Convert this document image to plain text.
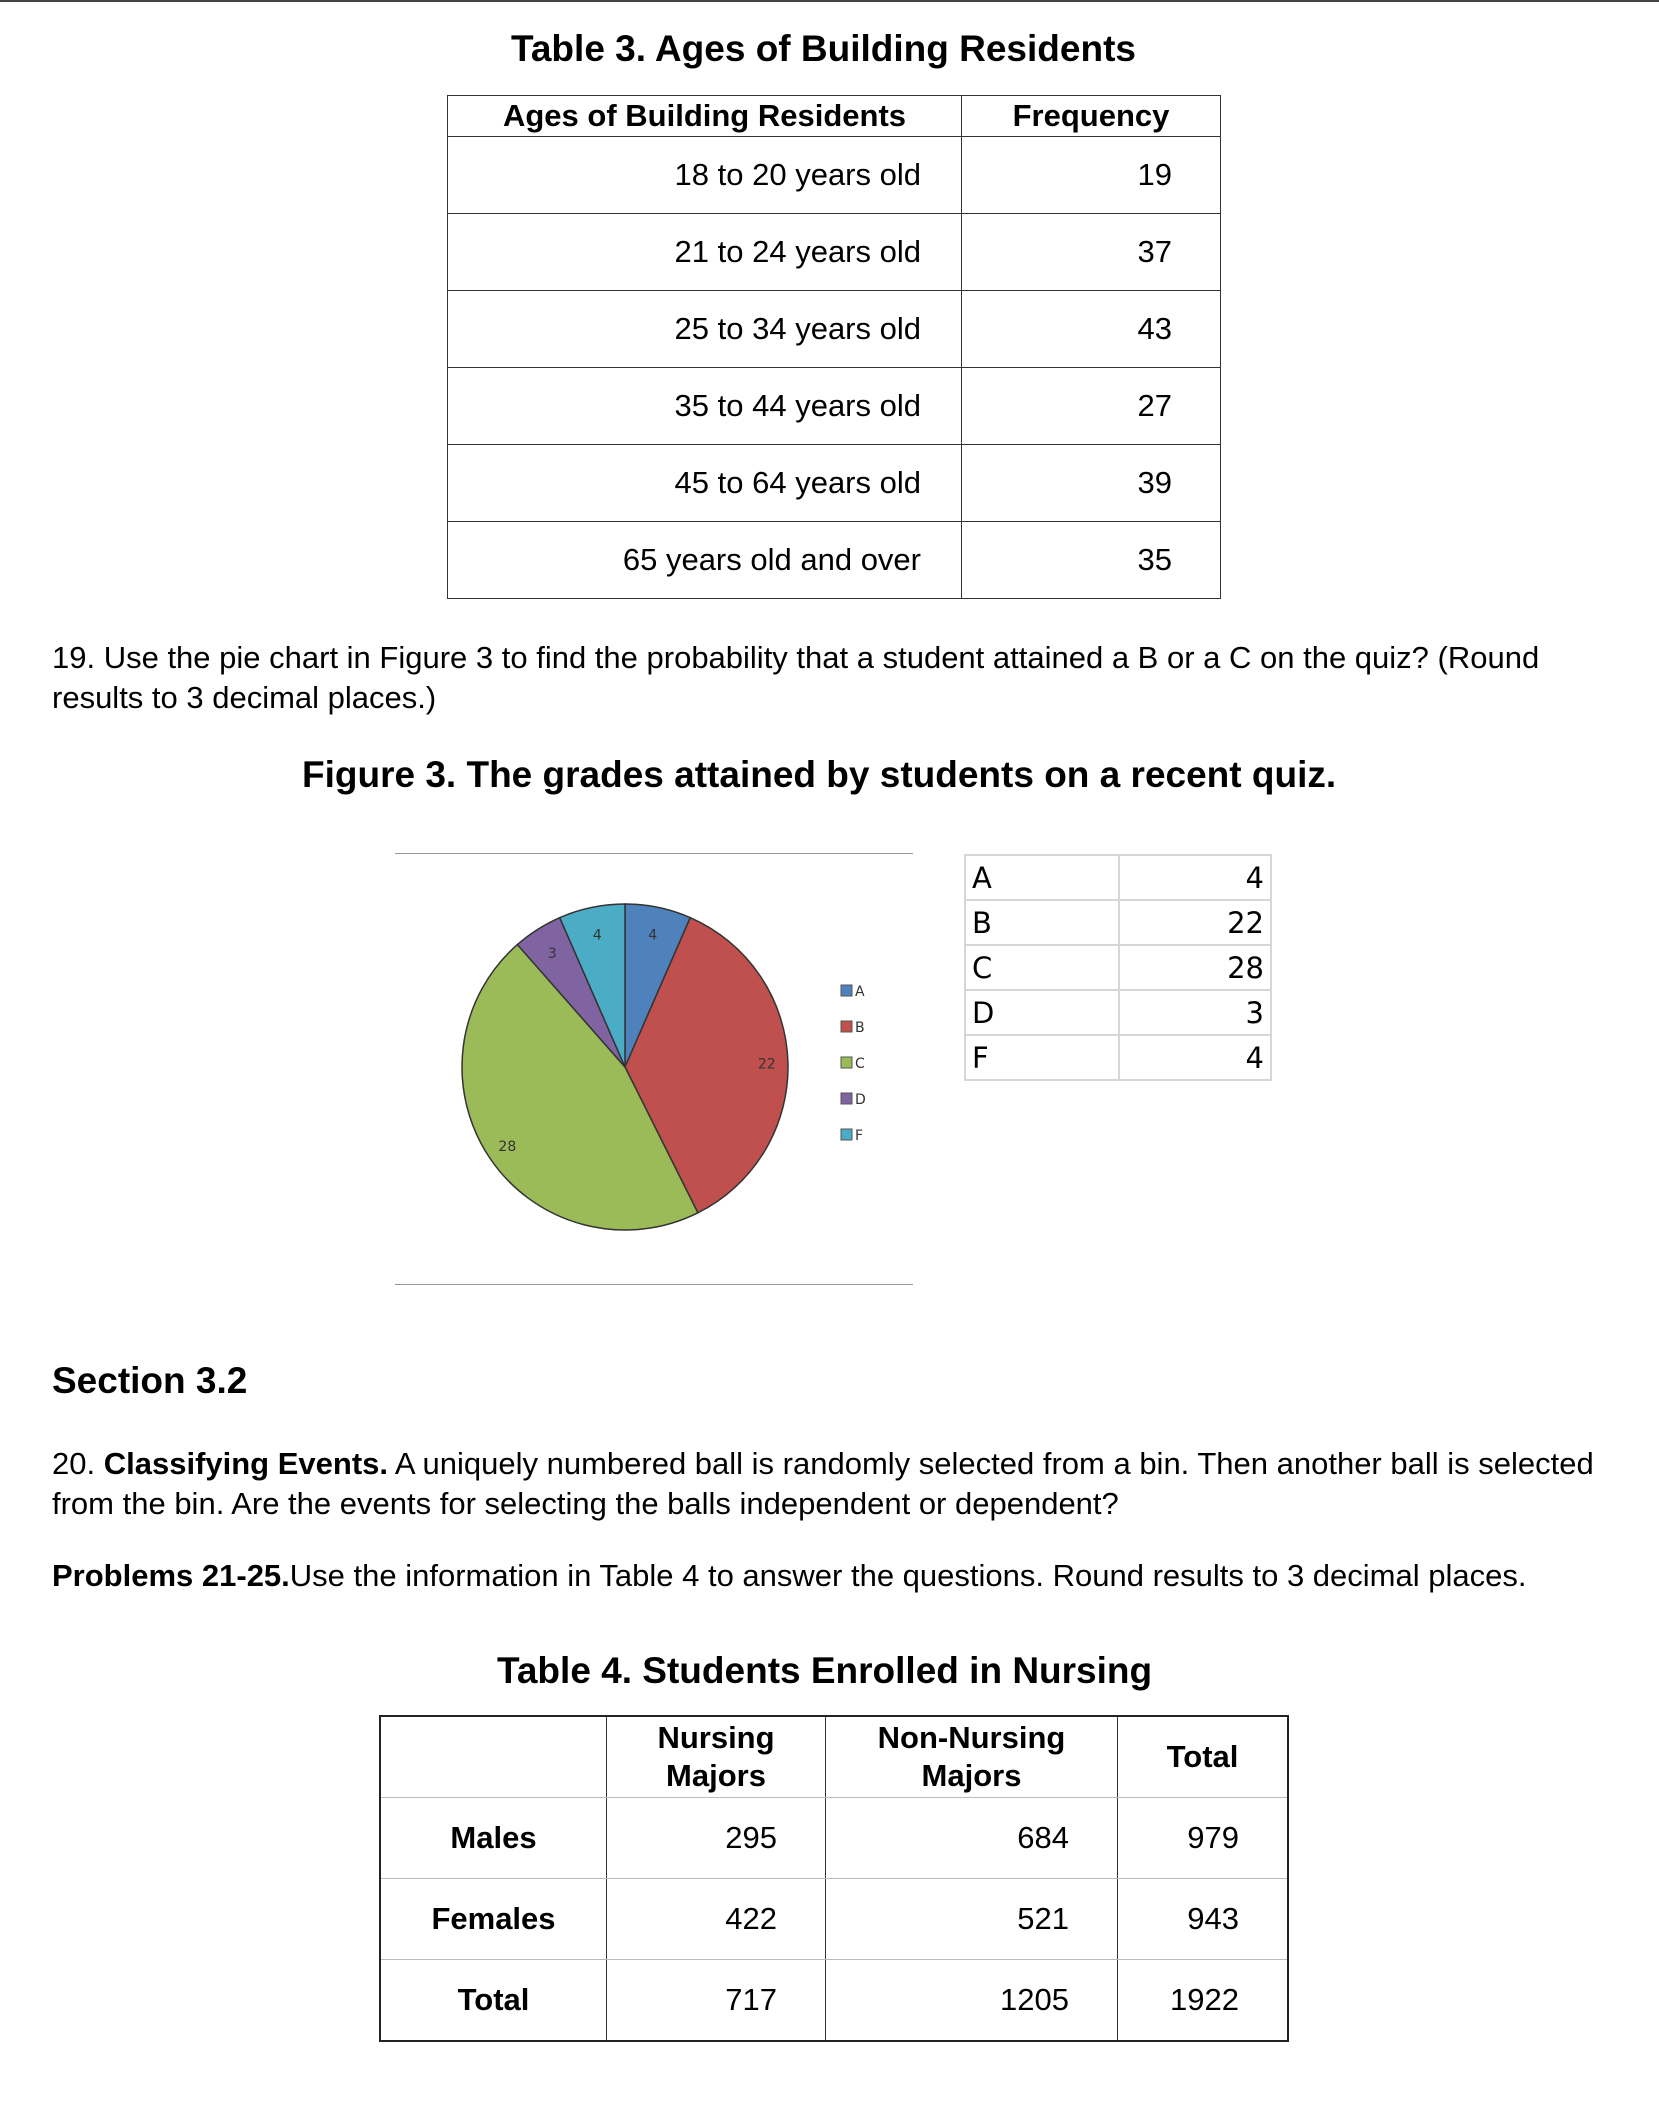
Table 3. Ages of Building Residents
Ages of Building Residents	Frequency
18 to 20 years old	19
21 to 24 years old	37
25 to 34 years old	43
35 to 44 years old	27
45 to 64 years old	39
65 years old and over	35
19. Use the pie chart in Figure 3 to find the probability that a student attained a B or a C on the quiz? (Round results to 3 decimal places.)
Figure 3. The grades attained by students on a recent quiz.
4
22
28
3
4
A
B
C
D
F
A	4
B	22
C	28
D	3
F	4
Section 3.2
20. Classifying Events. A uniquely numbered ball is randomly selected from a bin. Then another ball is selected from the bin. Are the events for selecting the balls independent or dependent?
Problems 21-25.Use the information in Table 4 to answer the questions. Round results to 3 decimal places.
Table 4. Students Enrolled in Nursing
	Nursing Majors	Non-Nursing Majors	Total
Males	295	684	979
Females	422	521	943
Total	717	1205	1922
